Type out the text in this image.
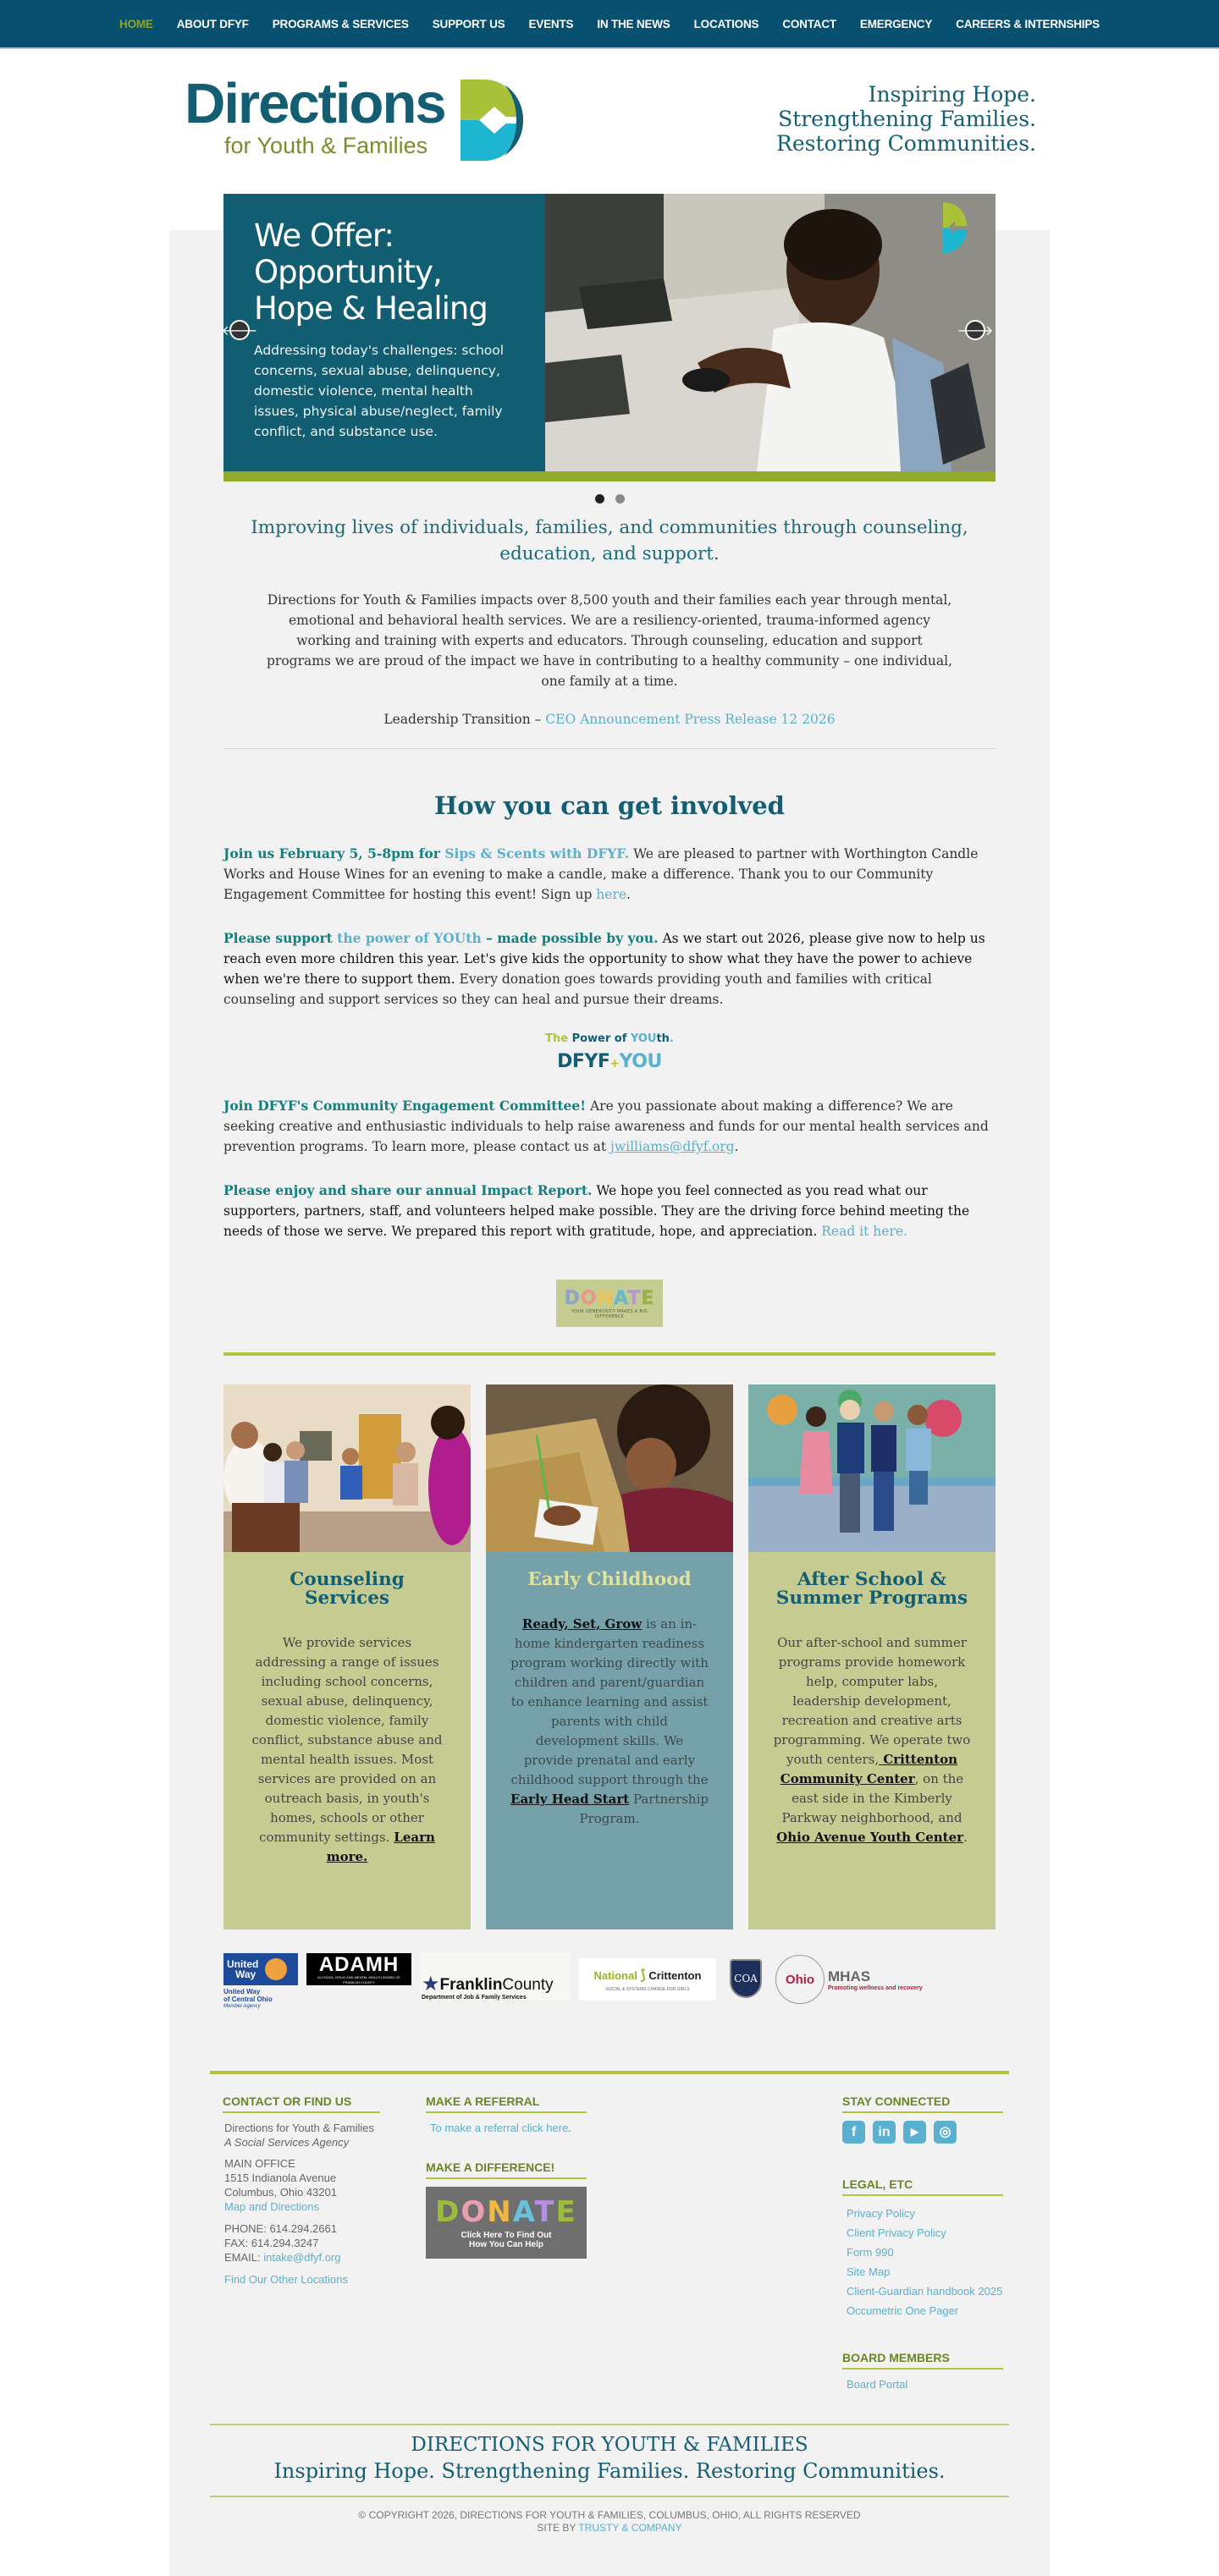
HOME	ABOUT DFYF	PROGRAMS & SERVICES	SUPPORT US	EVENTS	IN THE NEWS	LOCATIONS	CONTACT	EMERGENCY	CAREERS & INTERNSHIPS
Directions
for Youth & Families
Inspiring Hope.
Strengthening Families.
Restoring Communities.
We Offer:
Opportunity,
Hope & Healing

Addressing today's challenges: school concerns, sexual abuse, delinquency, domestic violence, mental health issues, physical abuse/neglect, family conflict, and substance use.

🡐	🡒
Improving lives of individuals, families, and communities through counseling, education, and support.

Directions for Youth & Families impacts over 8,500 youth and their families each year through mental, emotional and behavioral health services. We are a resiliency-oriented, trauma-informed agency working and training with experts and educators. Through counseling, education and support programs we are proud of the impact we have in contributing to a healthy community – one individual, one family at a time.

Leadership Transition – CEO Announcement Press Release 12 2026

How you can get involved

Join us February 5, 5-8pm for Sips & Scents with DFYF. We are pleased to partner with Worthington Candle Works and House Wines for an evening to make a candle, make a difference. Thank you to our Community Engagement Committee for hosting this event! Sign up here.

Please support the power of YOUth – made possible by you. As we start out 2026, please give now to help us reach even more children this year. Let's give kids the opportunity to show what they have the power to achieve when we're there to support them. Every donation goes towards providing youth and families with critical counseling and support services so they can heal and pursue their dreams.

The Power of YOUth.
DFYF+YOU

Join DFYF's Community Engagement Committee! Are you passionate about making a difference? We are seeking creative and enthusiastic individuals to help raise awareness and funds for our mental health services and prevention programs. To learn more, please contact us at jwilliams@dfyf.org.

Please enjoy and share our annual Impact Report. We hope you feel connected as you read what our supporters, partners, staff, and volunteers helped make possible. They are the driving force behind meeting the needs of those we serve. We prepared this report with gratitude, hope, and appreciation. Read it here.

DONATE
YOUR GENEROSITY MAKES A BIG DIFFERENCE
Counseling Services

We provide services addressing a range of issues including school concerns, sexual abuse, delinquency, domestic violence, family conflict, substance abuse and mental health issues. Most services are provided on an outreach basis, in youth's homes, schools or other community settings. Learn more.

Early Childhood

Ready, Set, Grow is an in-home kindergarten readiness program working directly with children and parent/guardian to enhance learning and assist parents with child development skills. We provide prenatal and early childhood support through the Early Head Start Partnership Program.

After School & Summer Programs

Our after-school and summer programs provide homework help, computer labs, leadership development, recreation and creative arts programming. We operate two youth centers, Crittenton Community Center, on the east side in the Kimberly Parkway neighborhood, and Ohio Avenue Youth Center.

United
Way
United Way
of Central Ohio
Member Agency
ADAMH
ALCOHOL, DRUG AND MENTAL HEALTH BOARD OF FRANKLIN COUNTY	★ Franklin County
Department of Job & Family Services
National ⟆ Crittenton
SOCIAL & SYSTEMS CHANGE FOR GIRLS
COA	Ohio MHAS
Promoting wellness and recovery
CONTACT OR FIND US
Directions for Youth & Families
A Social Services Agency
MAIN OFFICE
1515 Indianola Avenue
Columbus, Ohio 43201
Map and Directions
PHONE: 614.294.2661
FAX: 614.294.3247
EMAIL: intake@dfyf.org
Find Our Other Locations
MAKE A REFERRAL
To make a referral click here.
MAKE A DIFFERENCE!
DONATE
Click Here To Find Out
How You Can Help
STAY CONNECTED
f	in	▶	◎
LEGAL, ETC
Privacy Policy
Client Privacy Policy
Form 990
Site Map
Client-Guardian handbook 2025
Occumetric One Pager
BOARD MEMBERS
Board Portal
DIRECTIONS FOR YOUTH & FAMILIES
Inspiring Hope. Strengthening Families. Restoring Communities.
© COPYRIGHT 2026, DIRECTIONS FOR YOUTH & FAMILIES, COLUMBUS, OHIO, ALL RIGHTS RESERVED
SITE BY TRUSTY & COMPANY
